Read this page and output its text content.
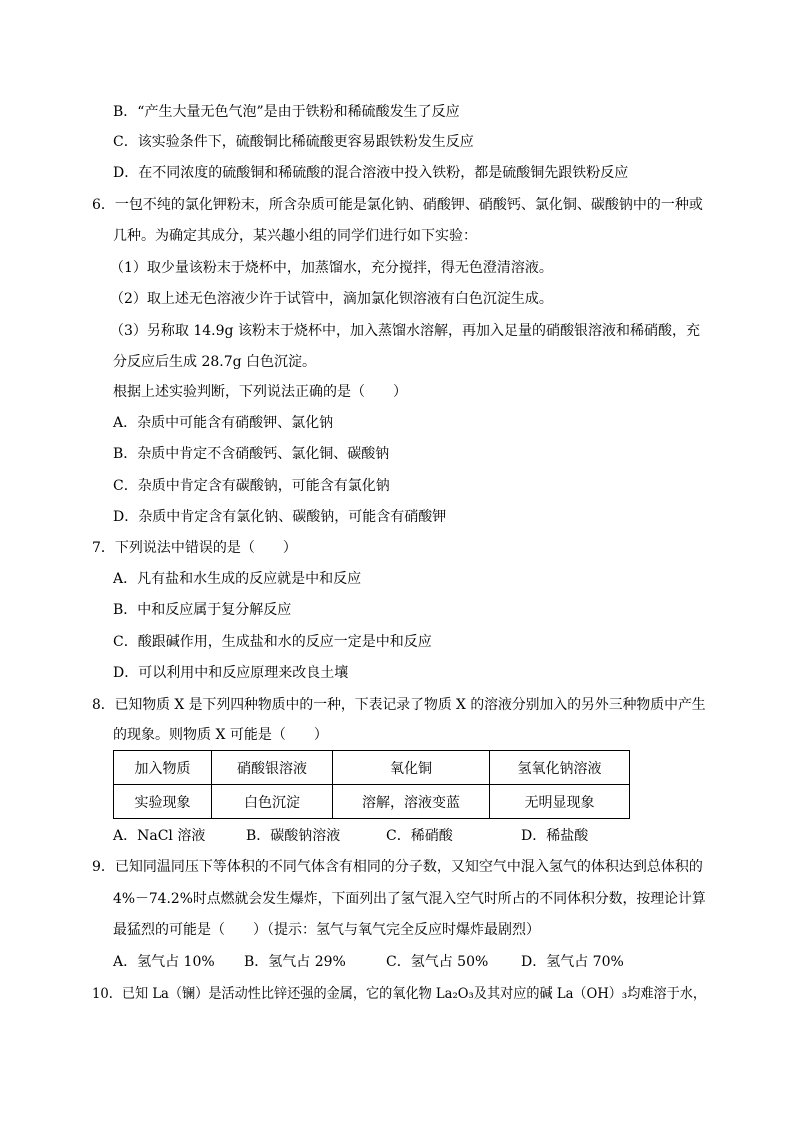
B．“产生大量无色气泡”是由于铁粉和稀硫酸发生了反应
C．该实验条件下，硫酸铜比稀硫酸更容易跟铁粉发生反应
D．在不同浓度的硫酸铜和稀硫酸的混合溶液中投入铁粉，都是硫酸铜先跟铁粉反应
6．一包不纯的氯化钾粉末，所含杂质可能是氯化钠、硝酸钾、硝酸钙、氯化铜、碳酸钠中的一种或
几种。为确定其成分，某兴趣小组的同学们进行如下实验：
（1）取少量该粉末于烧杯中，加蒸馏水，充分搅拌，得无色澄清溶液。
（2）取上述无色溶液少许于试管中，滴加氯化钡溶液有白色沉淀生成。
（3）另称取 14.9g 该粉末于烧杯中，加入蒸馏水溶解，再加入足量的硝酸银溶液和稀硝酸，充
分反应后生成 28.7g 白色沉淀。
根据上述实验判断，下列说法正确的是（　　）
A．杂质中可能含有硝酸钾、氯化钠
B．杂质中肯定不含硝酸钙、氯化铜、碳酸钠
C．杂质中肯定含有碳酸钠，可能含有氯化钠
D．杂质中肯定含有氯化钠、碳酸钠，可能含有硝酸钾
7．下列说法中错误的是（　　）
A．凡有盐和水生成的反应就是中和反应
B．中和反应属于复分解反应
C．酸跟碱作用，生成盐和水的反应一定是中和反应
D．可以利用中和反应原理来改良土壤
8．已知物质 X 是下列四种物质中的一种，下表记录了物质 X 的溶液分别加入的另外三种物质中产生
的现象。则物质 X 可能是（　　）
加入物质	硝酸银溶液	氧化铜	氢氧化钠溶液
实验现象	白色沉淀	溶解，溶液变蓝	无明显现象
A．NaCl 溶液	B．碳酸钠溶液	C．稀硝酸	D．稀盐酸
9．已知同温同压下等体积的不同气体含有相同的分子数，又知空气中混入氢气的体积达到总体积的
4%－74.2%时点燃就会发生爆炸，下面列出了氢气混入空气时所占的不同体积分数，按理论计算
最猛烈的可能是（　　）（提示：氢气与氧气完全反应时爆炸最剧烈）
A．氢气占 10% B．氢气占 29%	C．氢气占 50% D．氢气占 70%
10．已知 La（镧）是活动性比锌还强的金属，它的氧化物 La₂O₃及其对应的碱 La（OH）₃均难溶于水，
